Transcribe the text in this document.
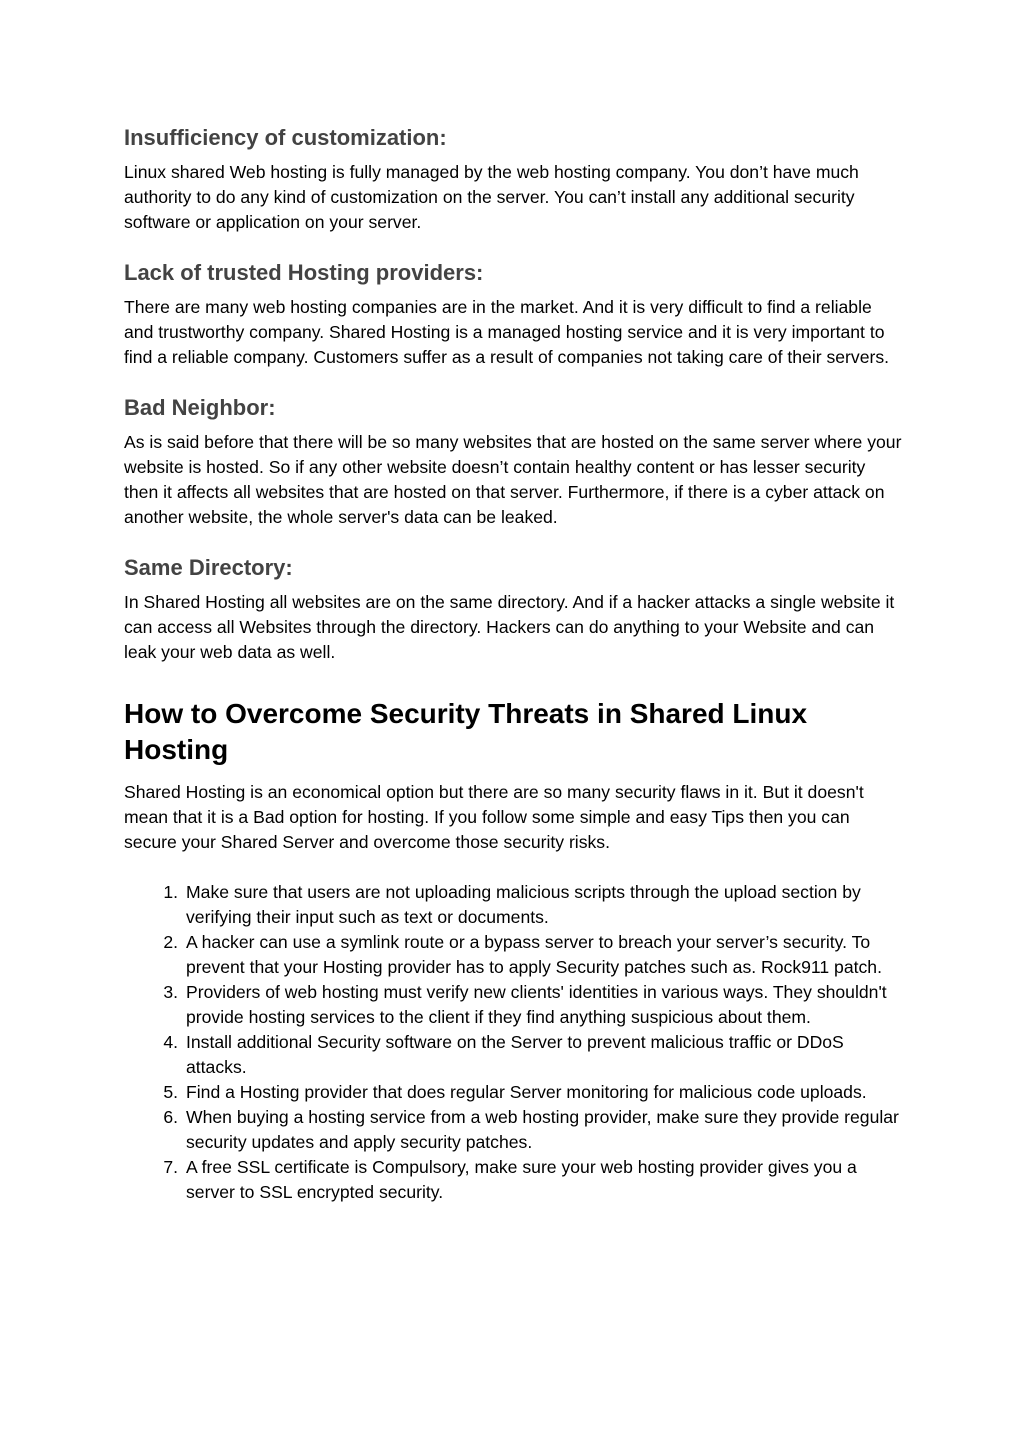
Insufficiency of customization:

Linux shared Web hosting is fully managed by the web hosting company. You don’t have much authority to do any kind of customization on the server. You can’t install any additional security software or application on your server.

Lack of trusted Hosting providers:

There are many web hosting companies are in the market. And it is very difficult to find a reliable and trustworthy company. Shared Hosting is a managed hosting service and it is very important to find a reliable company. Customers suffer as a result of companies not taking care of their servers.

Bad Neighbor:

As is said before that there will be so many websites that are hosted on the same server where your website is hosted. So if any other website doesn’t contain healthy content or has lesser security then it affects all websites that are hosted on that server. Furthermore, if there is a cyber attack on another website, the whole server's data can be leaked.

Same Directory:

In Shared Hosting all websites are on the same directory. And if a hacker attacks a single website it can access all Websites through the directory. Hackers can do anything to your Website and can leak your web data as well.

How to Overcome Security Threats in Shared Linux Hosting

Shared Hosting is an economical option but there are so many security flaws in it. But it doesn't mean that it is a Bad option for hosting. If you follow some simple and easy Tips then you can secure your Shared Server and overcome those security risks.

1. Make sure that users are not uploading malicious scripts through the upload section by verifying their input such as text or documents.
2. A hacker can use a symlink route or a bypass server to breach your server’s security. To prevent that your Hosting provider has to apply Security patches such as. Rock911 patch.
3. Providers of web hosting must verify new clients' identities in various ways. They shouldn't provide hosting services to the client if they find anything suspicious about them.
4. Install additional Security software on the Server to prevent malicious traffic or DDoS attacks.
5. Find a Hosting provider that does regular Server monitoring for malicious code uploads.
6. When buying a hosting service from a web hosting provider, make sure they provide regular security updates and apply security patches.
7. A free SSL certificate is Compulsory, make sure your web hosting provider gives you a server to SSL encrypted security.
